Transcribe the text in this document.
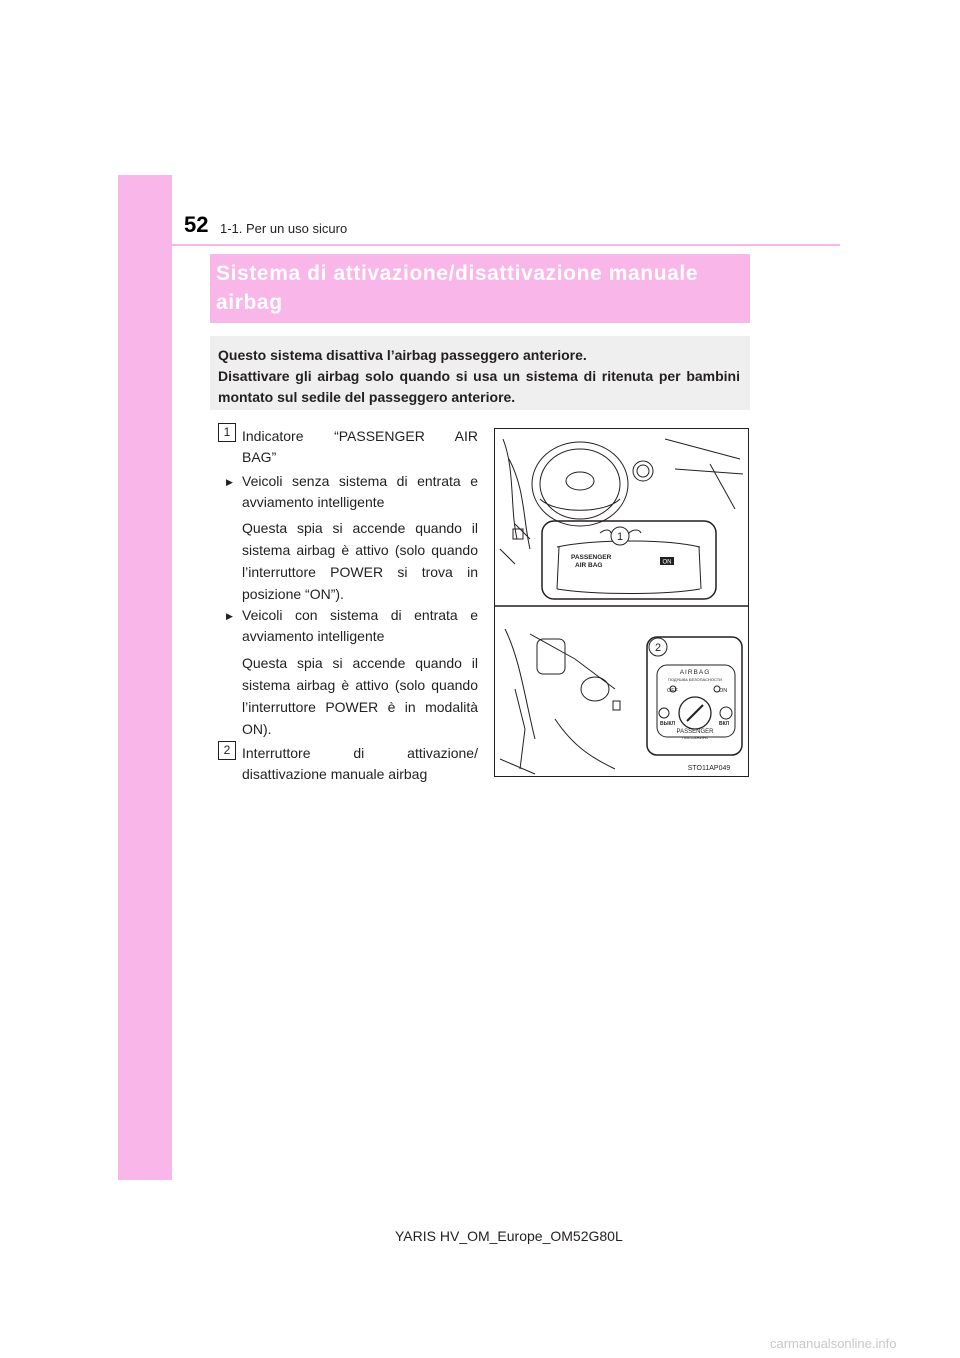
52 1-1. Per un uso sicuro
Sistema di attivazione/disattivazione manuale
airbag
Questo sistema disattiva l’airbag passeggero anteriore.
Disattivare gli airbag solo quando si usa un sistema di ritenuta per bambini montato sul sedile del passeggero anteriore.
1 Indicatore “PASSENGER AIR
BAG”
▶ Veicoli senza sistema di entrata e avviamento intelligente
Questa spia si accende quando il sistema airbag è attivo (solo quando l’interruttore POWER si trova in posizione “ON”).
▶ Veicoli con sistema di entrata e avviamento intelligente
Questa spia si accende quando il sistema airbag è attivo (solo quando l’interruttore POWER è in modalità ON).
2 Interruttore di attivazione/
disattivazione manuale airbag
1
2
PASSENGER
AIR BAG	ON
AIRBAG
ПОДУШКА БЕЗОПАСНОСТИ
OFF	ON
ВЫКЛ	ВКЛ
PASSENGER
ПАССАЖИРА
STO11AP049
YARIS HV_OM_Europe_OM52G80L
carmanualsonline.info
